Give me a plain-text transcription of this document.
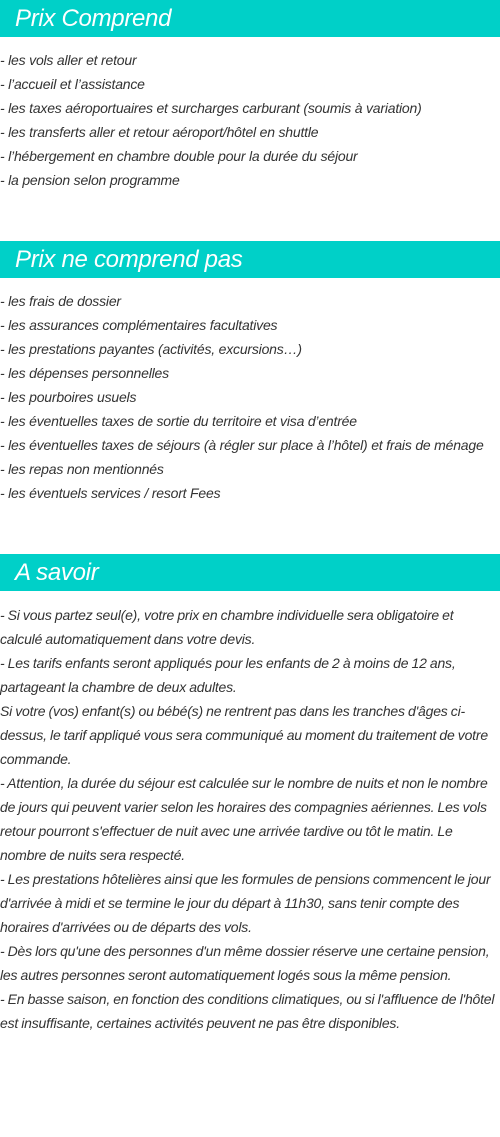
Prix Comprend
- les vols aller et retour
- l’accueil et l’assistance
- les taxes aéroportuaires et surcharges carburant (soumis à variation)
- les transferts aller et retour aéroport/hôtel en shuttle
- l’hébergement en chambre double pour la durée du séjour
- la pension selon programme
Prix ne comprend pas
- les frais de dossier
- les assurances complémentaires facultatives
- les prestations payantes (activités, excursions…)
- les dépenses personnelles
- les pourboires usuels
- les éventuelles taxes de sortie du territoire et visa d’entrée
- les éventuelles taxes de séjours (à régler sur place à l’hôtel) et frais de ménage
- les repas non mentionnés
- les éventuels services / resort Fees
A savoir
- Si vous partez seul(e), votre prix en chambre individuelle sera obligatoire et calculé automatiquement dans votre devis.
- Les tarifs enfants seront appliqués pour les enfants de 2 à moins de 12 ans, partageant la chambre de deux adultes.
Si votre (vos) enfant(s) ou bébé(s) ne rentrent pas dans les tranches d'âges ci-dessus, le tarif appliqué vous sera communiqué au moment du traitement de votre commande.
- Attention, la durée du séjour est calculée sur le nombre de nuits et non le nombre de jours qui peuvent varier selon les horaires des compagnies aériennes. Les vols retour pourront s'effectuer de nuit avec une arrivée tardive ou tôt le matin. Le nombre de nuits sera respecté.
- Les prestations hôtelières ainsi que les formules de pensions commencent le jour d'arrivée à midi et se termine le jour du départ à 11h30, sans tenir compte des horaires d'arrivées ou de départs des vols.
- Dès lors qu'une des personnes d'un même dossier réserve une certaine pension, les autres personnes seront automatiquement logés sous la même pension.
- En basse saison, en fonction des conditions climatiques, ou si l'affluence de l'hôtel est insuffisante, certaines activités peuvent ne pas être disponibles.
